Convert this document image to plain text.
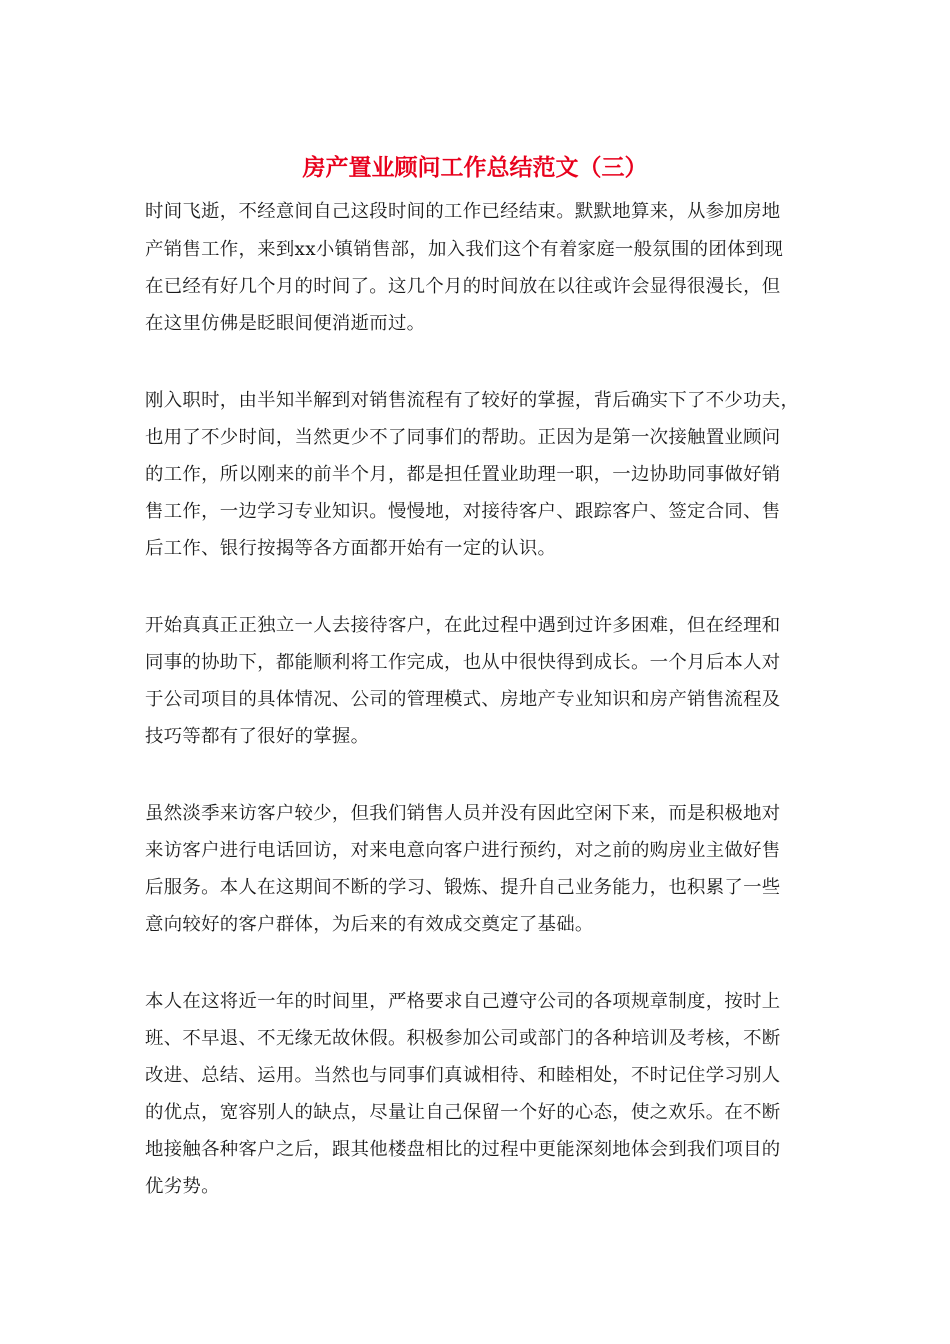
房产置业顾问工作总结范文（三）
时间飞逝，不经意间自己这段时间的工作已经结束。默默地算来，从参加房地
产销售工作，来到xx小镇销售部，加入我们这个有着家庭一般氛围的团体到现
在已经有好几个月的时间了。这几个月的时间放在以往或许会显得很漫长，但
在这里仿佛是眨眼间便消逝而过。
刚入职时，由半知半解到对销售流程有了较好的掌握，背后确实下了不少功夫，
也用了不少时间，当然更少不了同事们的帮助。正因为是第一次接触置业顾问
的工作，所以刚来的前半个月，都是担任置业助理一职，一边协助同事做好销
售工作，一边学习专业知识。慢慢地，对接待客户、跟踪客户、签定合同、售
后工作、银行按揭等各方面都开始有一定的认识。
开始真真正正独立一人去接待客户，在此过程中遇到过许多困难，但在经理和
同事的协助下，都能顺利将工作完成，也从中很快得到成长。一个月后本人对
于公司项目的具体情况、公司的管理模式、房地产专业知识和房产销售流程及
技巧等都有了很好的掌握。
虽然淡季来访客户较少，但我们销售人员并没有因此空闲下来，而是积极地对
来访客户进行电话回访，对来电意向客户进行预约，对之前的购房业主做好售
后服务。本人在这期间不断的学习、锻炼、提升自己业务能力，也积累了一些
意向较好的客户群体，为后来的有效成交奠定了基础。
本人在这将近一年的时间里，严格要求自己遵守公司的各项规章制度，按时上
班、不早退、不无缘无故休假。积极参加公司或部门的各种培训及考核，不断
改进、总结、运用。当然也与同事们真诚相待、和睦相处，不时记住学习别人
的优点，宽容别人的缺点，尽量让自己保留一个好的心态，使之欢乐。在不断
地接触各种客户之后，跟其他楼盘相比的过程中更能深刻地体会到我们项目的
优劣势。
